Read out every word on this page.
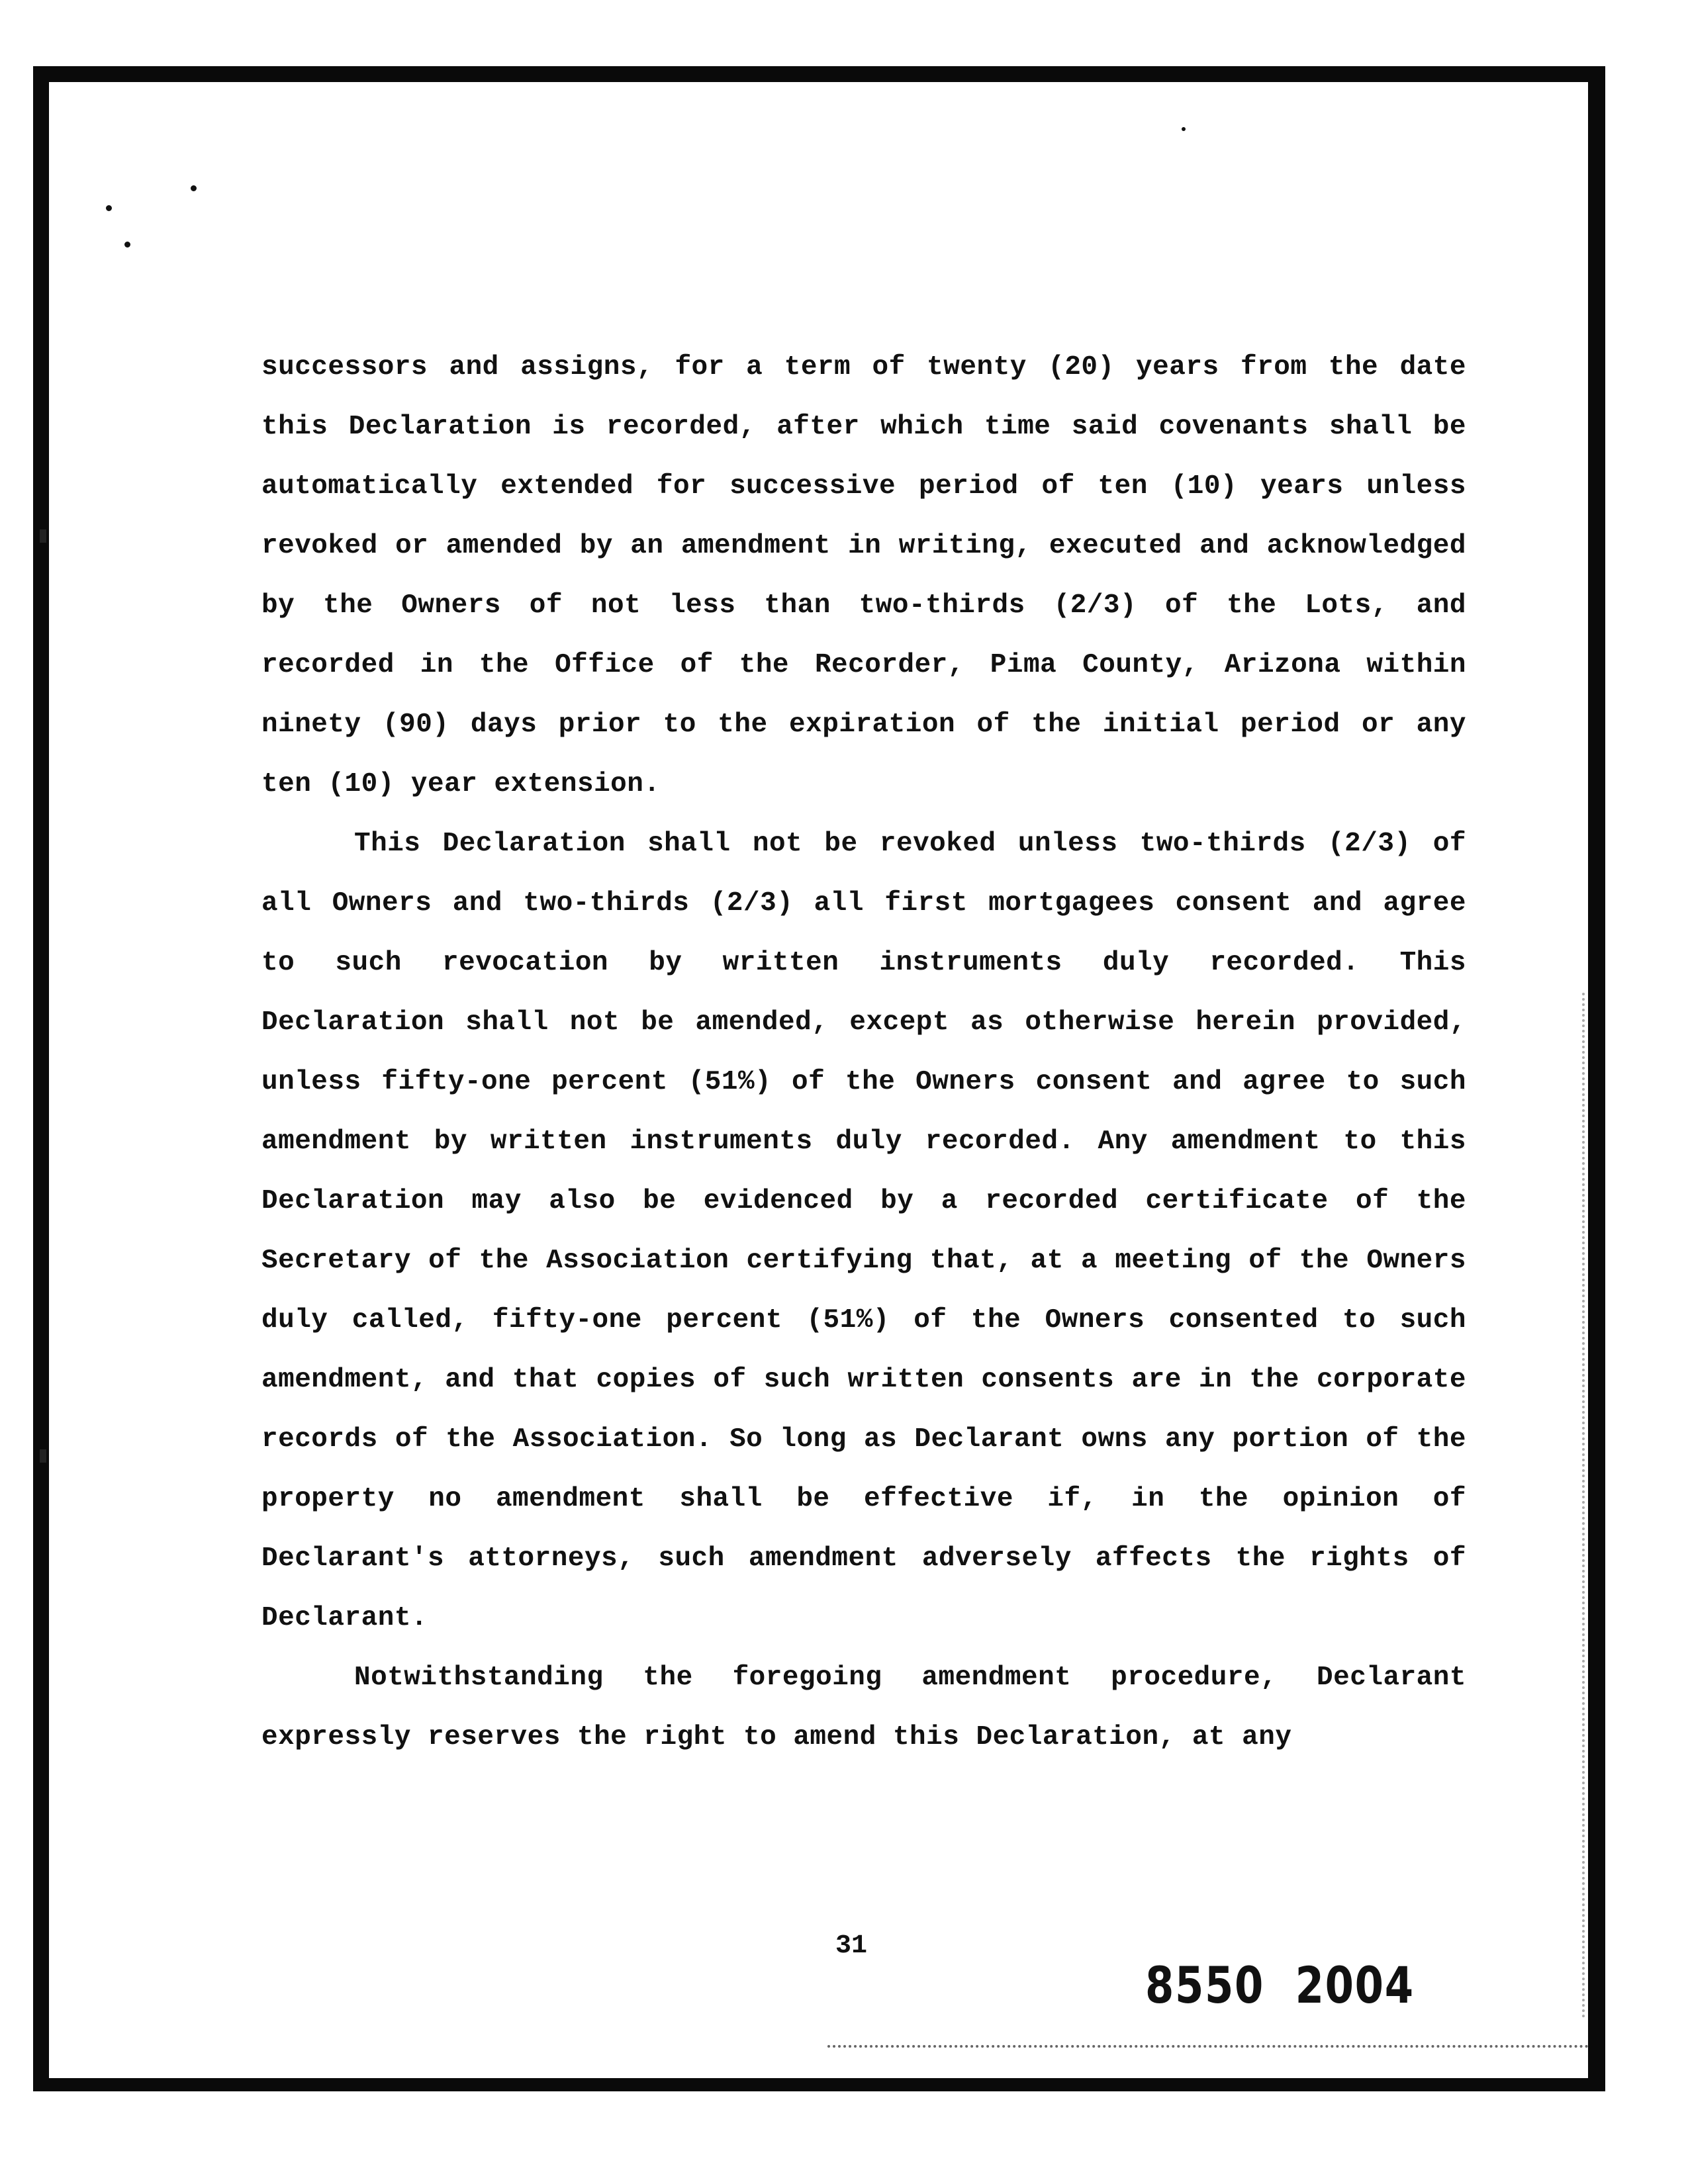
successors and assigns, for a term of twenty (20) years from the date this Declaration is recorded, after which time said covenants shall be automatically extended for successive period of ten (10) years unless revoked or amended by an amendment in writing, executed and acknowledged by the Owners of not less than two-thirds (2/3) of the Lots, and recorded in the Office of the Recorder, Pima County, Arizona within ninety (90) days prior to the expiration of the initial period or any ten (10) year extension.

This Declaration shall not be revoked unless two-thirds (2/3) of all Owners and two-thirds (2/3) all first mortgagees consent and agree to such revocation by written instruments duly recorded. This Declaration shall not be amended, except as otherwise herein provided, unless fifty-one percent (51%) of the Owners consent and agree to such amendment by written instruments duly recorded. Any amendment to this Declaration may also be evidenced by a recorded certificate of the Secretary of the Association certifying that, at a meeting of the Owners duly called, fifty-one percent (51%) of the Owners consented to such amendment, and that copies of such written consents are in the corporate records of the Association. So long as Declarant owns any portion of the property no amendment shall be effective if, in the opinion of Declarant's attorneys, such amendment adversely affects the rights of Declarant.

Notwithstanding the foregoing amendment procedure, Declarant expressly reserves the right to amend this Declaration, at any

31
8550  2004
